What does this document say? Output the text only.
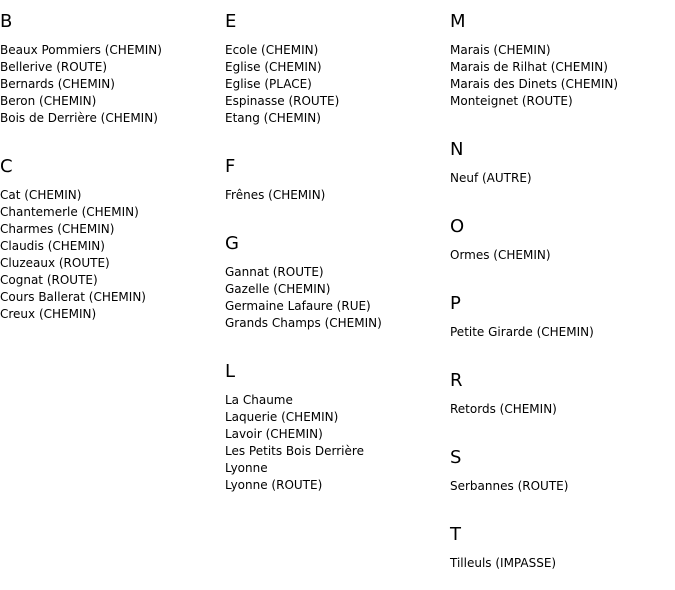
B
Beaux Pommiers (CHEMIN)
Bellerive (ROUTE)
Bernards (CHEMIN)
Beron (CHEMIN)
Bois de Derrière (CHEMIN)
C
Cat (CHEMIN)
Chantemerle (CHEMIN)
Charmes (CHEMIN)
Claudis (CHEMIN)
Cluzeaux (ROUTE)
Cognat (ROUTE)
Cours Ballerat (CHEMIN)
Creux (CHEMIN)
E
Ecole (CHEMIN)
Eglise (CHEMIN)
Eglise (PLACE)
Espinasse (ROUTE)
Etang (CHEMIN)
F
Frênes (CHEMIN)
G
Gannat (ROUTE)
Gazelle (CHEMIN)
Germaine Lafaure (RUE)
Grands Champs (CHEMIN)
L
La Chaume
Laquerie (CHEMIN)
Lavoir (CHEMIN)
Les Petits Bois Derrière
Lyonne
Lyonne (ROUTE)
M
Marais (CHEMIN)
Marais de Rilhat (CHEMIN)
Marais des Dinets (CHEMIN)
Monteignet (ROUTE)
N
Neuf (AUTRE)
O
Ormes (CHEMIN)
P
Petite Girarde (CHEMIN)
R
Retords (CHEMIN)
S
Serbannes (ROUTE)
T
Tilleuls (IMPASSE)
